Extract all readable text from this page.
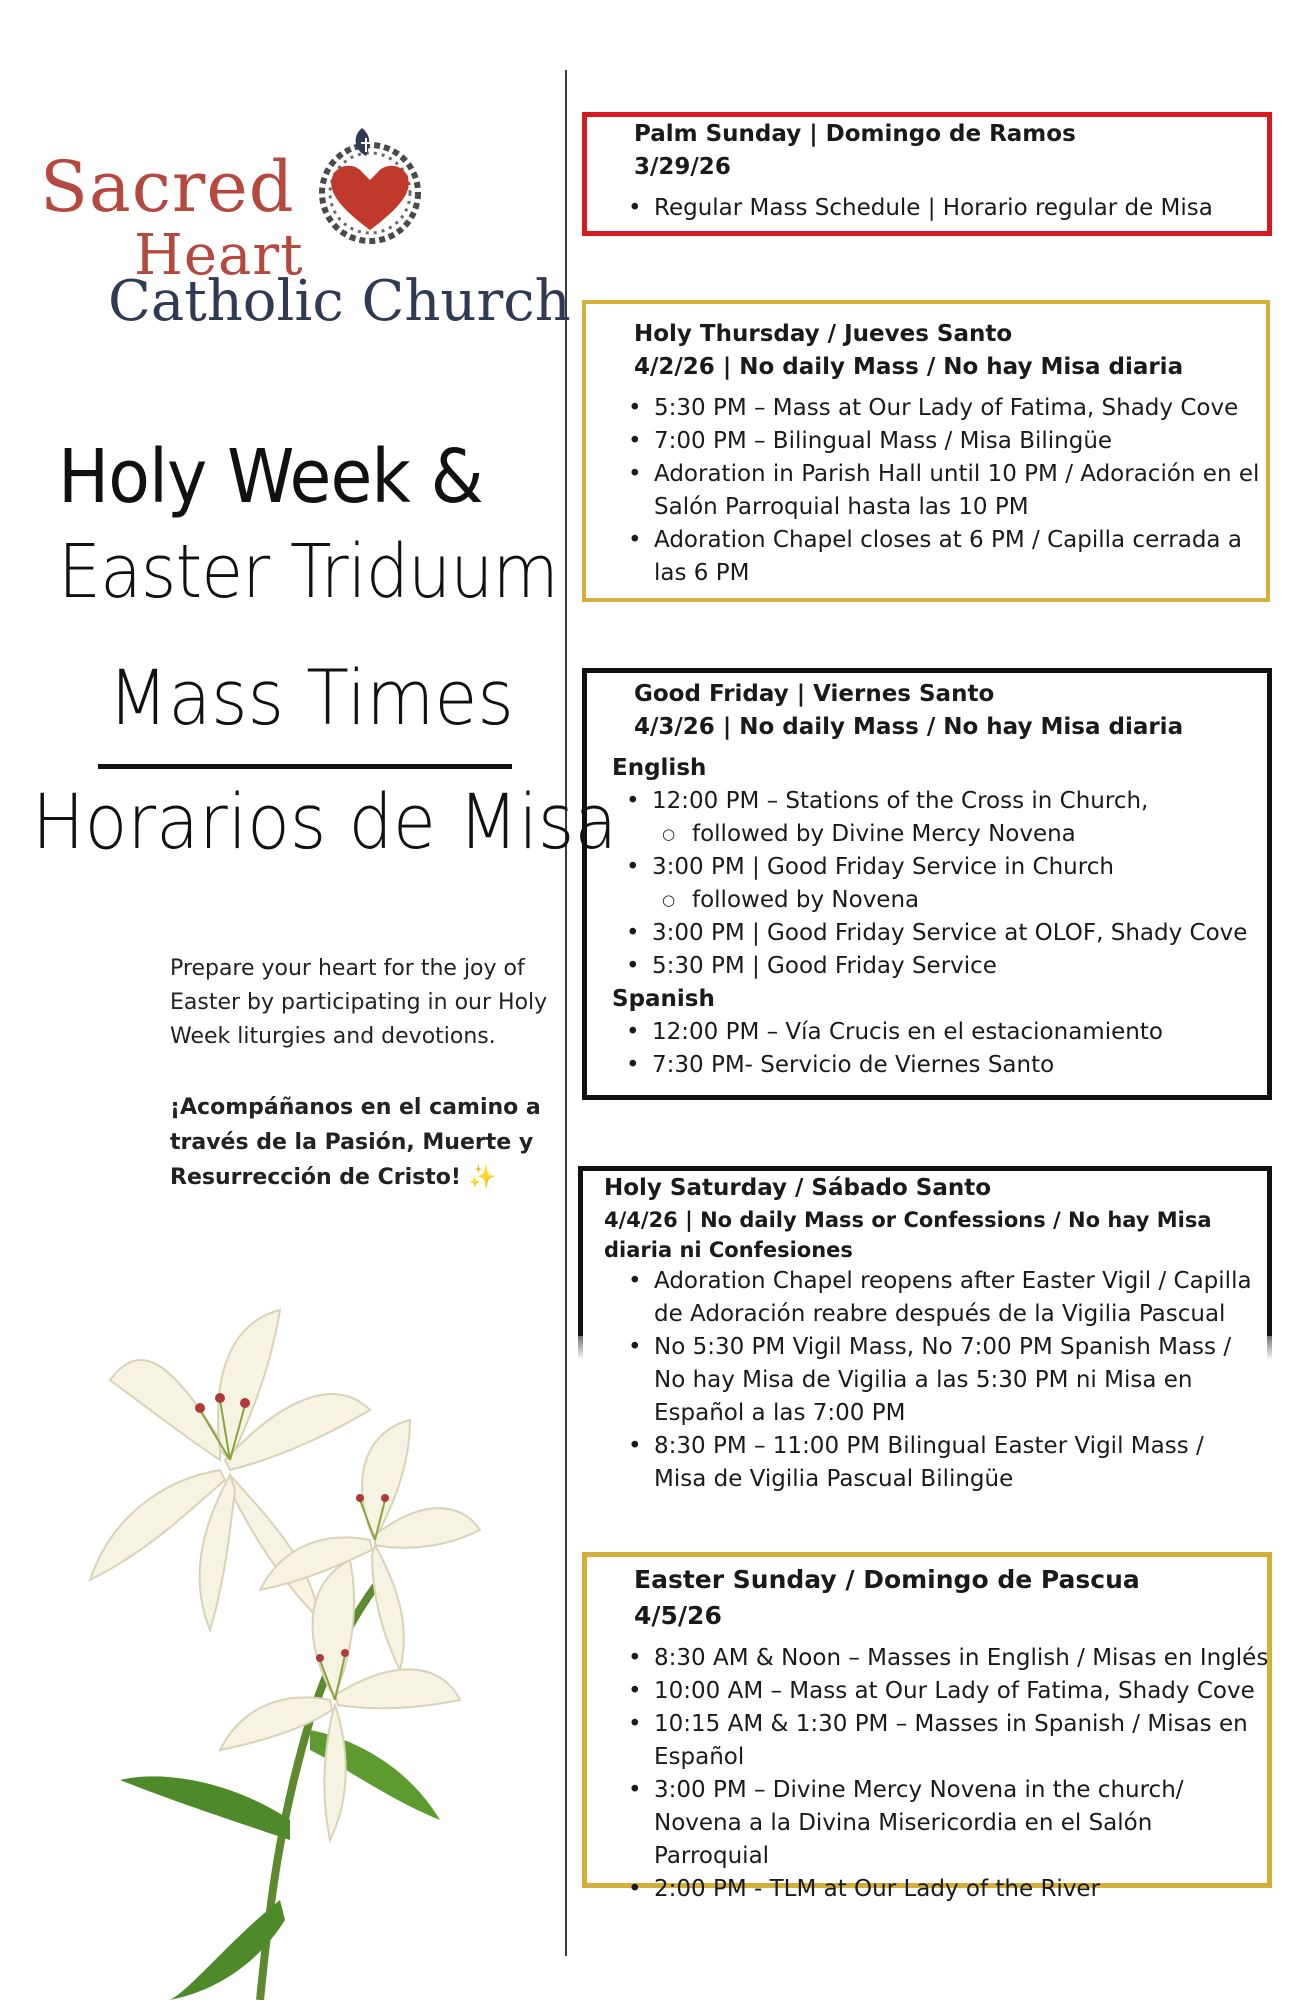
Sacred
Heart
Catholic Church
Holy Week &
Easter Triduum
Mass Times
Horarios de Misa

Prepare your heart for the joy of Easter by participating in our Holy Week liturgies and devotions.

¡Acompáñanos en el camino a través de la Pasión, Muerte y Resurrección de Cristo! ✨

Palm Sunday | Domingo de Ramos
3/29/26
• Regular Mass Schedule | Horario regular de Misa
Holy Thursday / Jueves Santo
4/2/26 | No daily Mass / No hay Misa diaria
• 5:30 PM – Mass at Our Lady of Fatima, Shady Cove
• 7:00 PM – Bilingual Mass / Misa Bilingüe
• Adoration in Parish Hall until 10 PM / Adoración en el Salón Parroquial hasta las 10 PM
• Adoration Chapel closes at 6 PM / Capilla cerrada a las 6 PM
Good Friday | Viernes Santo
4/3/26 | No daily Mass / No hay Misa diaria
English
• 12:00 PM – Stations of the Cross in Church,
○ followed by Divine Mercy Novena
• 3:00 PM | Good Friday Service in Church
○ followed by Novena
• 3:00 PM | Good Friday Service at OLOF, Shady Cove
• 5:30 PM | Good Friday Service
Spanish
• 12:00 PM – Vía Crucis en el estacionamiento
• 7:30 PM- Servicio de Viernes Santo
Holy Saturday / Sábado Santo
4/4/26 | No daily Mass or Confessions / No hay Misa diaria ni Confesiones
• Adoration Chapel reopens after Easter Vigil / Capilla de Adoración reabre después de la Vigilia Pascual
• No 5:30 PM Vigil Mass, No 7:00 PM Spanish Mass / No hay Misa de Vigilia a las 5:30 PM ni Misa en Español a las 7:00 PM
• 8:30 PM – 11:00 PM Bilingual Easter Vigil Mass / Misa de Vigilia Pascual Bilingüe
Easter Sunday / Domingo de Pascua
4/5/26
• 8:30 AM & Noon – Masses in English / Misas en Inglés
• 10:00 AM – Mass at Our Lady of Fatima, Shady Cove
• 10:15 AM & 1:30 PM – Masses in Spanish / Misas en Español
• 3:00 PM – Divine Mercy Novena in the church/ Novena a la Divina Misericordia en el Salón Parroquial
• 2:00 PM - TLM at Our Lady of the River
